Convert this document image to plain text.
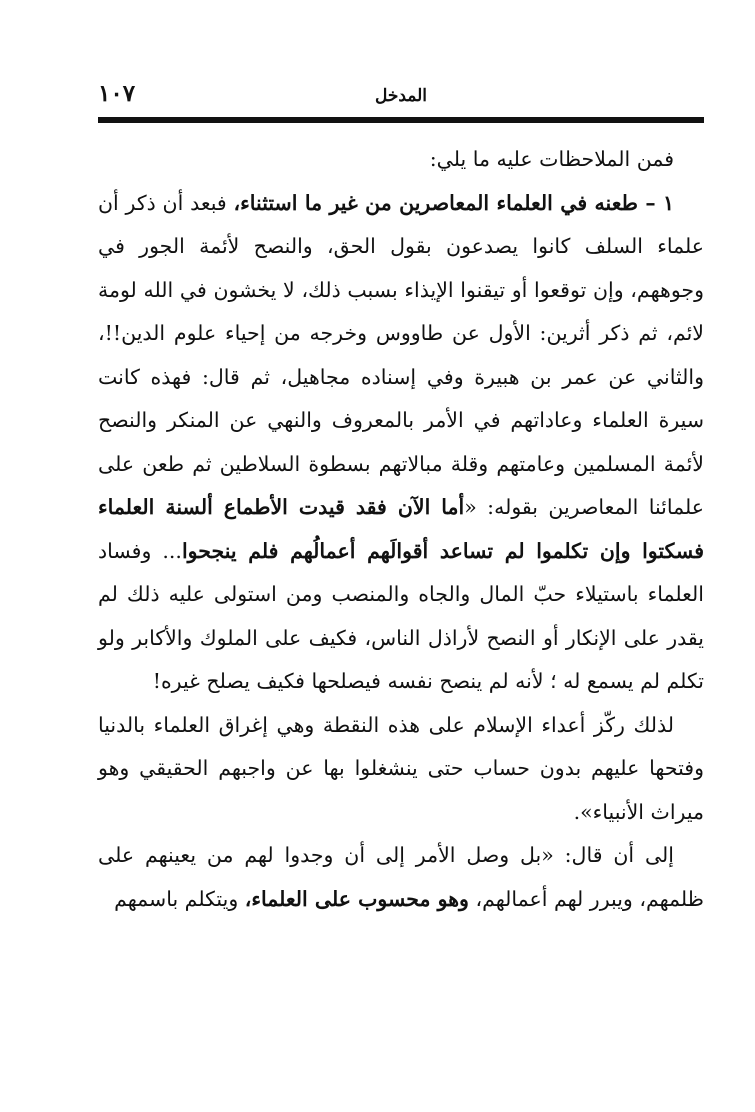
١٠٧	المدخل

فمن الملاحظات عليه ما يلي:

١ – طعنه في العلماء المعاصرين من غير ما استثناء، فبعد أن ذكر أن علماء السلف كانوا يصدعون بقول الحق، والنصح لأئمة الجور في وجوههم، وإن توقعوا أو تيقنوا الإيذاء بسبب ذلك، لا يخشون في الله لومة لائم، ثم ذكر أثرين: الأول عن طاووس وخرجه من إحياء علوم الدين!!، والثاني عن عمر بن هبيرة وفي إسناده مجاهيل، ثم قال: فهذه كانت سيرة العلماء وعاداتهم في الأمر بالمعروف والنهي عن المنكر والنصح لأئمة المسلمين وعامتهم وقلة مبالاتهم بسطوة السلاطين ثم طعن على علمائنا المعاصرين بقوله: «أما الآن فقد قيدت الأطماع ألسنة العلماء فسكتوا وإن تكلموا لم تساعد أقوالَهم أعمالُهم فلم ينجحوا... وفساد العلماء باستيلاء حبّ المال والجاه والمنصب ومن استولى عليه ذلك لم يقدر على الإنكار أو النصح لأراذل الناس، فكيف على الملوك والأكابر ولو تكلم لم يسمع له ؛ لأنه لم ينصح نفسه فيصلحها فكيف يصلح غيره!

لذلك ركّز أعداء الإسلام على هذه النقطة وهي إغراق العلماء بالدنيا وفتحها عليهم بدون حساب حتى ينشغلوا بها عن واجبهم الحقيقي وهو ميراث الأنبياء».

إلى أن قال: «بل وصل الأمر إلى أن وجدوا لهم من يعينهم على ظلمهم، ويبرر لهم أعمالهم، وهو محسوب على العلماء، ويتكلم باسمهم
